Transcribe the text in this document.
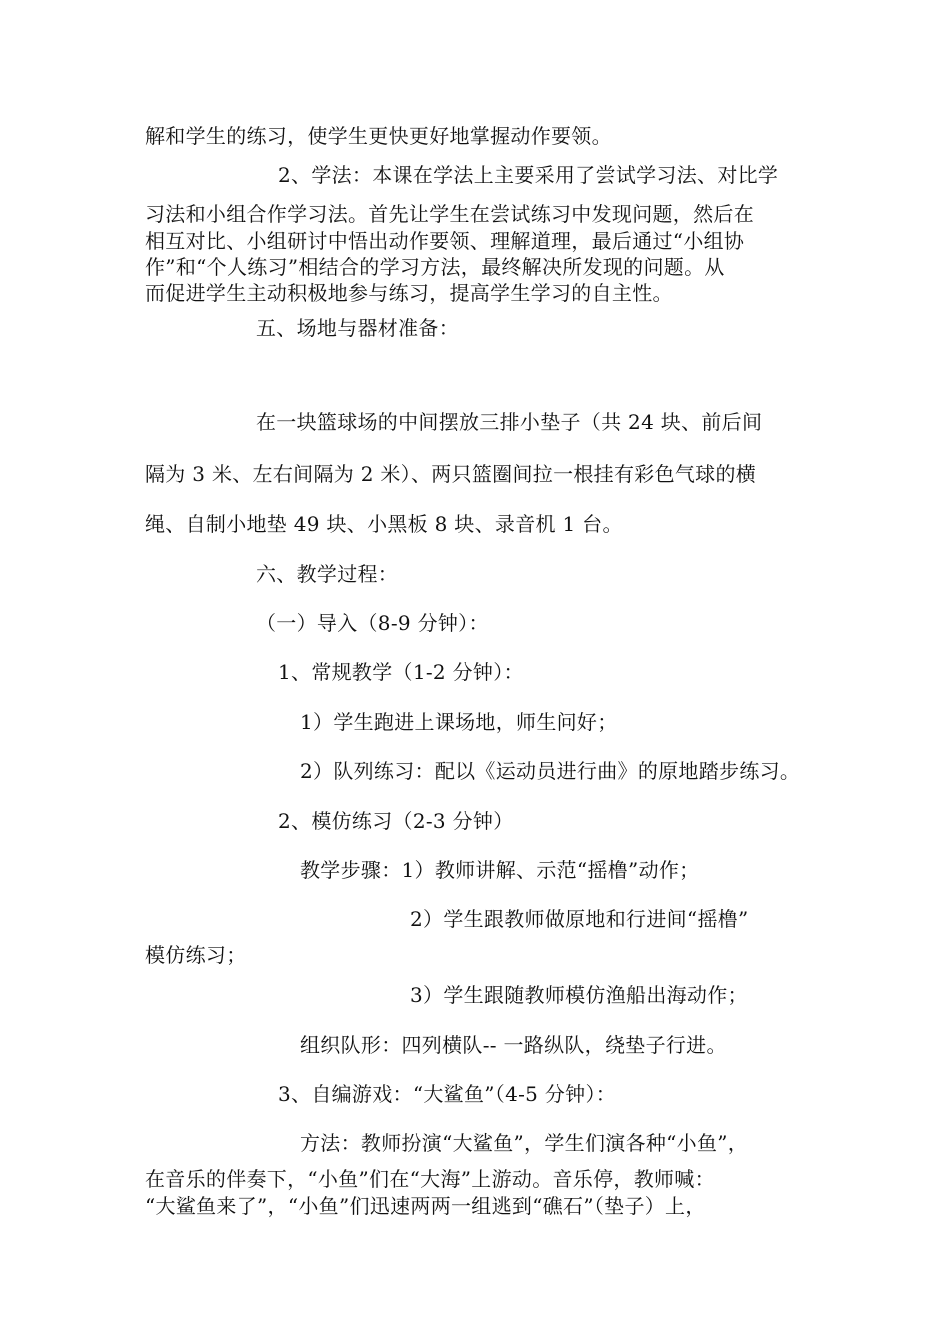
解和学生的练习，使学生更快更好地掌握动作要领。
2、学法：本课在学法上主要采用了尝试学习法、对比学
习法和小组合作学习法。首先让学生在尝试练习中发现问题，然后在
相互对比、小组研讨中悟出动作要领、理解道理，最后通过“小组协
作”和“个人练习”相结合的学习方法，最终解决所发现的问题。从
而促进学生主动积极地参与练习，提高学生学习的自主性。
五、场地与器材准备：
在一块篮球场的中间摆放三排小垫子（共 24 块、前后间
隔为 3 米、左右间隔为 2 米）、两只篮圈间拉一根挂有彩色气球的横
绳、自制小地垫 49 块、小黑板 8 块、录音机 1 台。
六、教学过程：
（一）导入（8-9 分钟）：
1、常规教学（1-2 分钟）：
1）学生跑进上课场地，师生问好；
2）队列练习：配以《运动员进行曲》的原地踏步练习。
2、模仿练习（2-3 分钟）
教学步骤：1）教师讲解、示范“摇橹”动作；
2）学生跟教师做原地和行进间“摇橹”
模仿练习；
3）学生跟随教师模仿渔船出海动作；
组织队形：四列横队-- 一路纵队，绕垫子行进。
3、自编游戏：“大鲨鱼”（4-5 分钟）：
方法：教师扮演“大鲨鱼”，学生们演各种“小鱼”，
在音乐的伴奏下，“小鱼”们在“大海”上游动。音乐停，教师喊：
“大鲨鱼来了”，“小鱼”们迅速两两一组逃到“礁石”（垫子）上，
